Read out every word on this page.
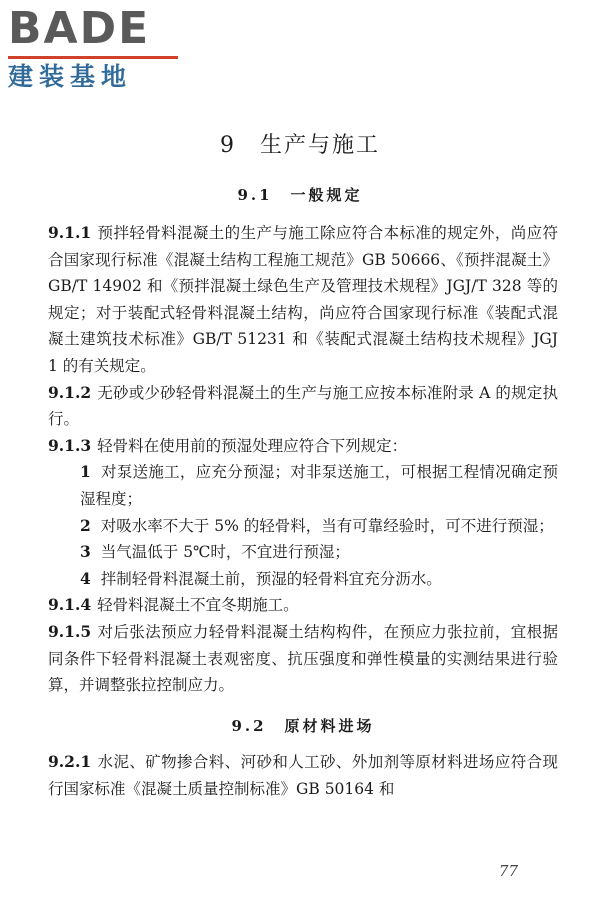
BADE
建装基地
9　生产与施工
9.1　一般规定

9.1.1 预拌轻骨料混凝土的生产与施工除应符合本标准的规定外，尚应符合国家现行标准《混凝土结构工程施工规范》GB 50666、《预拌混凝土》GB/T 14902 和《预拌混凝土绿色生产及管理技术规程》JGJ/T 328 等的规定；对于装配式轻骨料混凝土结构，尚应符合国家现行标准《装配式混凝土建筑技术标准》GB/T 51231 和《装配式混凝土结构技术规程》JGJ 1 的有关规定。

9.1.2 无砂或少砂轻骨料混凝土的生产与施工应按本标准附录 A 的规定执行。

9.1.3 轻骨料在使用前的预湿处理应符合下列规定：

1 对泵送施工，应充分预湿；对非泵送施工，可根据工程情况确定预湿程度；

2 对吸水率不大于 5% 的轻骨料，当有可靠经验时，可不进行预湿；

3 当气温低于 5℃时，不宜进行预湿；

4 拌制轻骨料混凝土前，预湿的轻骨料宜充分沥水。

9.1.4 轻骨料混凝土不宜冬期施工。

9.1.5 对后张法预应力轻骨料混凝土结构构件，在预应力张拉前，宜根据同条件下轻骨料混凝土表观密度、抗压强度和弹性模量的实测结果进行验算，并调整张拉控制应力。

9.2　原材料进场

9.2.1 水泥、矿物掺合料、河砂和人工砂、外加剂等原材料进场应符合现行国家标准《混凝土质量控制标准》GB 50164 和

77
